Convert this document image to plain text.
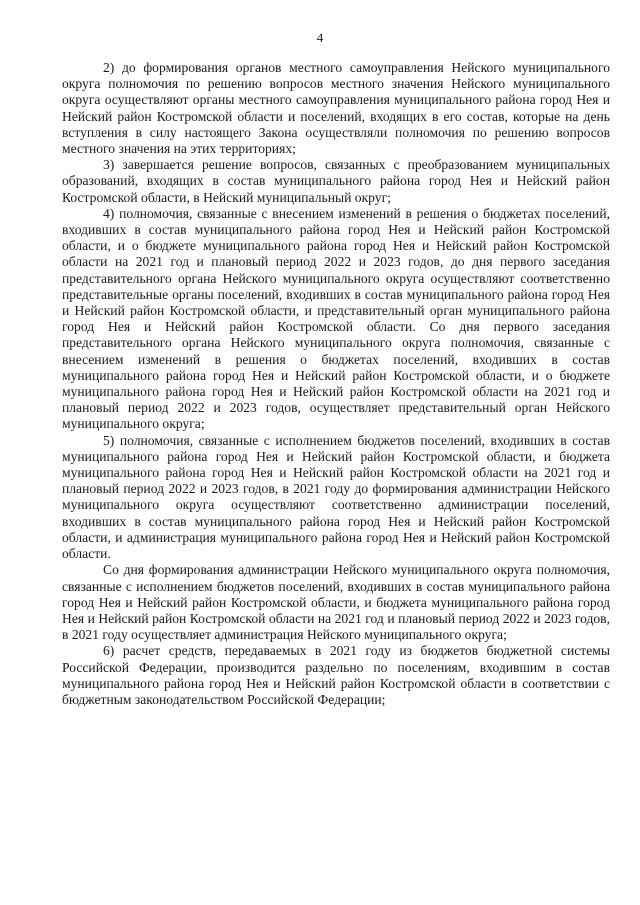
4

2) до формирования органов местного самоуправления Нейского муниципального округа полномочия по решению вопросов местного значения Нейского муниципального округа осуществляют органы местного самоуправления муниципального района город Нея и Нейский район Костромской области и поселений, входящих в его состав, которые на день вступления в силу настоящего Закона осуществляли полномочия по решению вопросов местного значения на этих территориях;

3) завершается решение вопросов, связанных с преобразованием муниципальных образований, входящих в состав муниципального района город Нея и Нейский район Костромской области, в Нейский муниципальный округ;

4) полномочия, связанные с внесением изменений в решения о бюджетах поселений, входивших в состав муниципального района город Нея и Нейский район Костромской области, и о бюджете муниципального района город Нея и Нейский район Костромской области на 2021 год и плановый период 2022 и 2023 годов, до дня первого заседания представительного органа Нейского муниципального округа осуществляют соответственно представительные органы поселений, входивших в состав муниципального района город Нея и Нейский район Костромской области, и представительный орган муниципального района город Нея и Нейский район Костромской области. Со дня первого заседания представительного органа Нейского муниципального округа полномочия, связанные с внесением изменений в решения о бюджетах поселений, входивших в состав муниципального района город Нея и Нейский район Костромской области, и о бюджете муниципального района город Нея и Нейский район Костромской области на 2021 год и плановый период 2022 и 2023 годов, осуществляет представительный орган Нейского муниципального округа;

5) полномочия, связанные с исполнением бюджетов поселений, входивших в состав муниципального района город Нея и Нейский район Костромской области, и бюджета муниципального района город Нея и Нейский район Костромской области на 2021 год и плановый период 2022 и 2023 годов, в 2021 году до формирования администрации Нейского муниципального округа осуществляют соответственно администрации поселений, входивших в состав муниципального района город Нея и Нейский район Костромской области, и администрация муниципального района город Нея и Нейский район Костромской области.

Со дня формирования администрации Нейского муниципального округа полномочия, связанные с исполнением бюджетов поселений, входивших в состав муниципального района город Нея и Нейский район Костромской области, и бюджета муниципального района город Нея и Нейский район Костромской области на 2021 год и плановый период 2022 и 2023 годов, в 2021 году осуществляет администрация Нейского муниципального округа;

6) расчет средств, передаваемых в 2021 году из бюджетов бюджетной системы Российской Федерации, производится раздельно по поселениям, входившим в состав муниципального района город Нея и Нейский район Костромской области в соответствии с бюджетным законодательством Российской Федерации;
